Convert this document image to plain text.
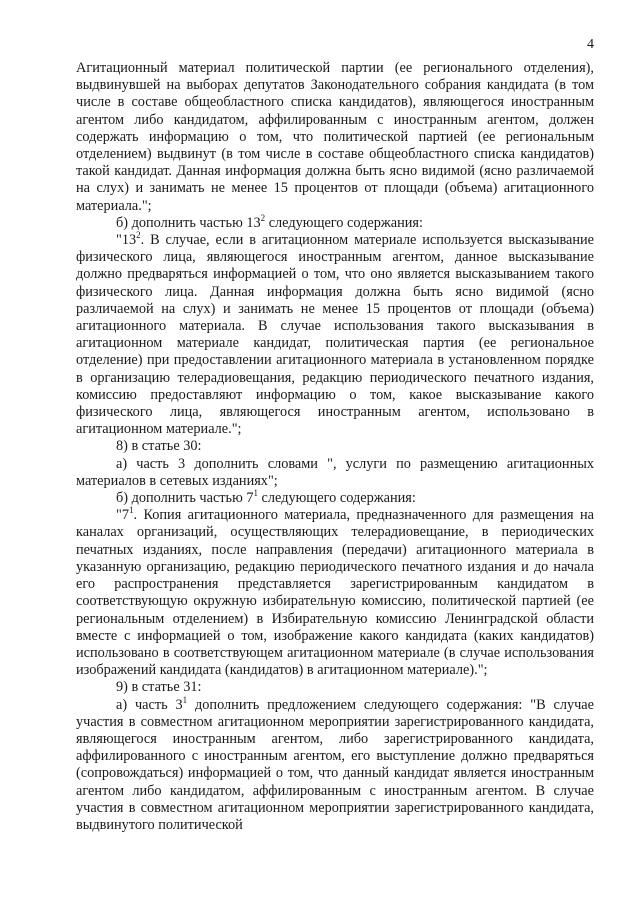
4

Агитационный материал политической партии (ее регионального отделения), выдвинувшей на выборах депутатов Законодательного собрания кандидата (в том числе в составе общеобластного списка кандидатов), являющегося иностранным агентом либо кандидатом, аффилированным с иностранным агентом, должен содержать информацию о том, что политической партией (ее региональным отделением) выдвинут (в том числе в составе общеобластного списка кандидатов) такой кандидат. Данная информация должна быть ясно видимой (ясно различаемой на слух) и занимать не менее 15 процентов от площади (объема) агитационного материала.";

б) дополнить частью $13^2$ следующего содержания:

"$13^2$. В случае, если в агитационном материале используется высказывание физического лица, являющегося иностранным агентом, данное высказывание должно предваряться информацией о том, что оно является высказыванием такого физического лица. Данная информация должна быть ясно видимой (ясно различаемой на слух) и занимать не менее 15 процентов от площади (объема) агитационного материала. В случае использования такого высказывания в агитационном материале кандидат, политическая партия (ее региональное отделение) при предоставлении агитационного материала в установленном порядке в организацию телерадиовещания, редакцию периодического печатного издания, комиссию предоставляют информацию о том, какое высказывание какого физического лица, являющегося иностранным агентом, использовано в агитационном материале.";

8) в статье 30:

а) часть 3 дополнить словами ", услуги по размещению агитационных материалов в сетевых изданиях";

б) дополнить частью $7^1$ следующего содержания:

"$7^1$. Копия агитационного материала, предназначенного для размещения на каналах организаций, осуществляющих телерадиовещание, в периодических печатных изданиях, после направления (передачи) агитационного материала в указанную организацию, редакцию периодического печатного издания и до начала его распространения представляется зарегистрированным кандидатом в соответствующую окружную избирательную комиссию, политической партией (ее региональным отделением) в Избирательную комиссию Ленинградской области вместе с информацией о том, изображение какого кандидата (каких кандидатов) использовано в соответствующем агитационном материале (в случае использования изображений кандидата (кандидатов) в агитационном материале).";

9) в статье 31:

а) часть $3^1$ дополнить предложением следующего содержания: "В случае участия в совместном агитационном мероприятии зарегистрированного кандидата, являющегося иностранным агентом, либо зарегистрированного кандидата, аффилированного с иностранным агентом, его выступление должно предваряться (сопровождаться) информацией о том, что данный кандидат является иностранным агентом либо кандидатом, аффилированным с иностранным агентом. В случае участия в совместном агитационном мероприятии зарегистрированного кандидата, выдвинутого политической
